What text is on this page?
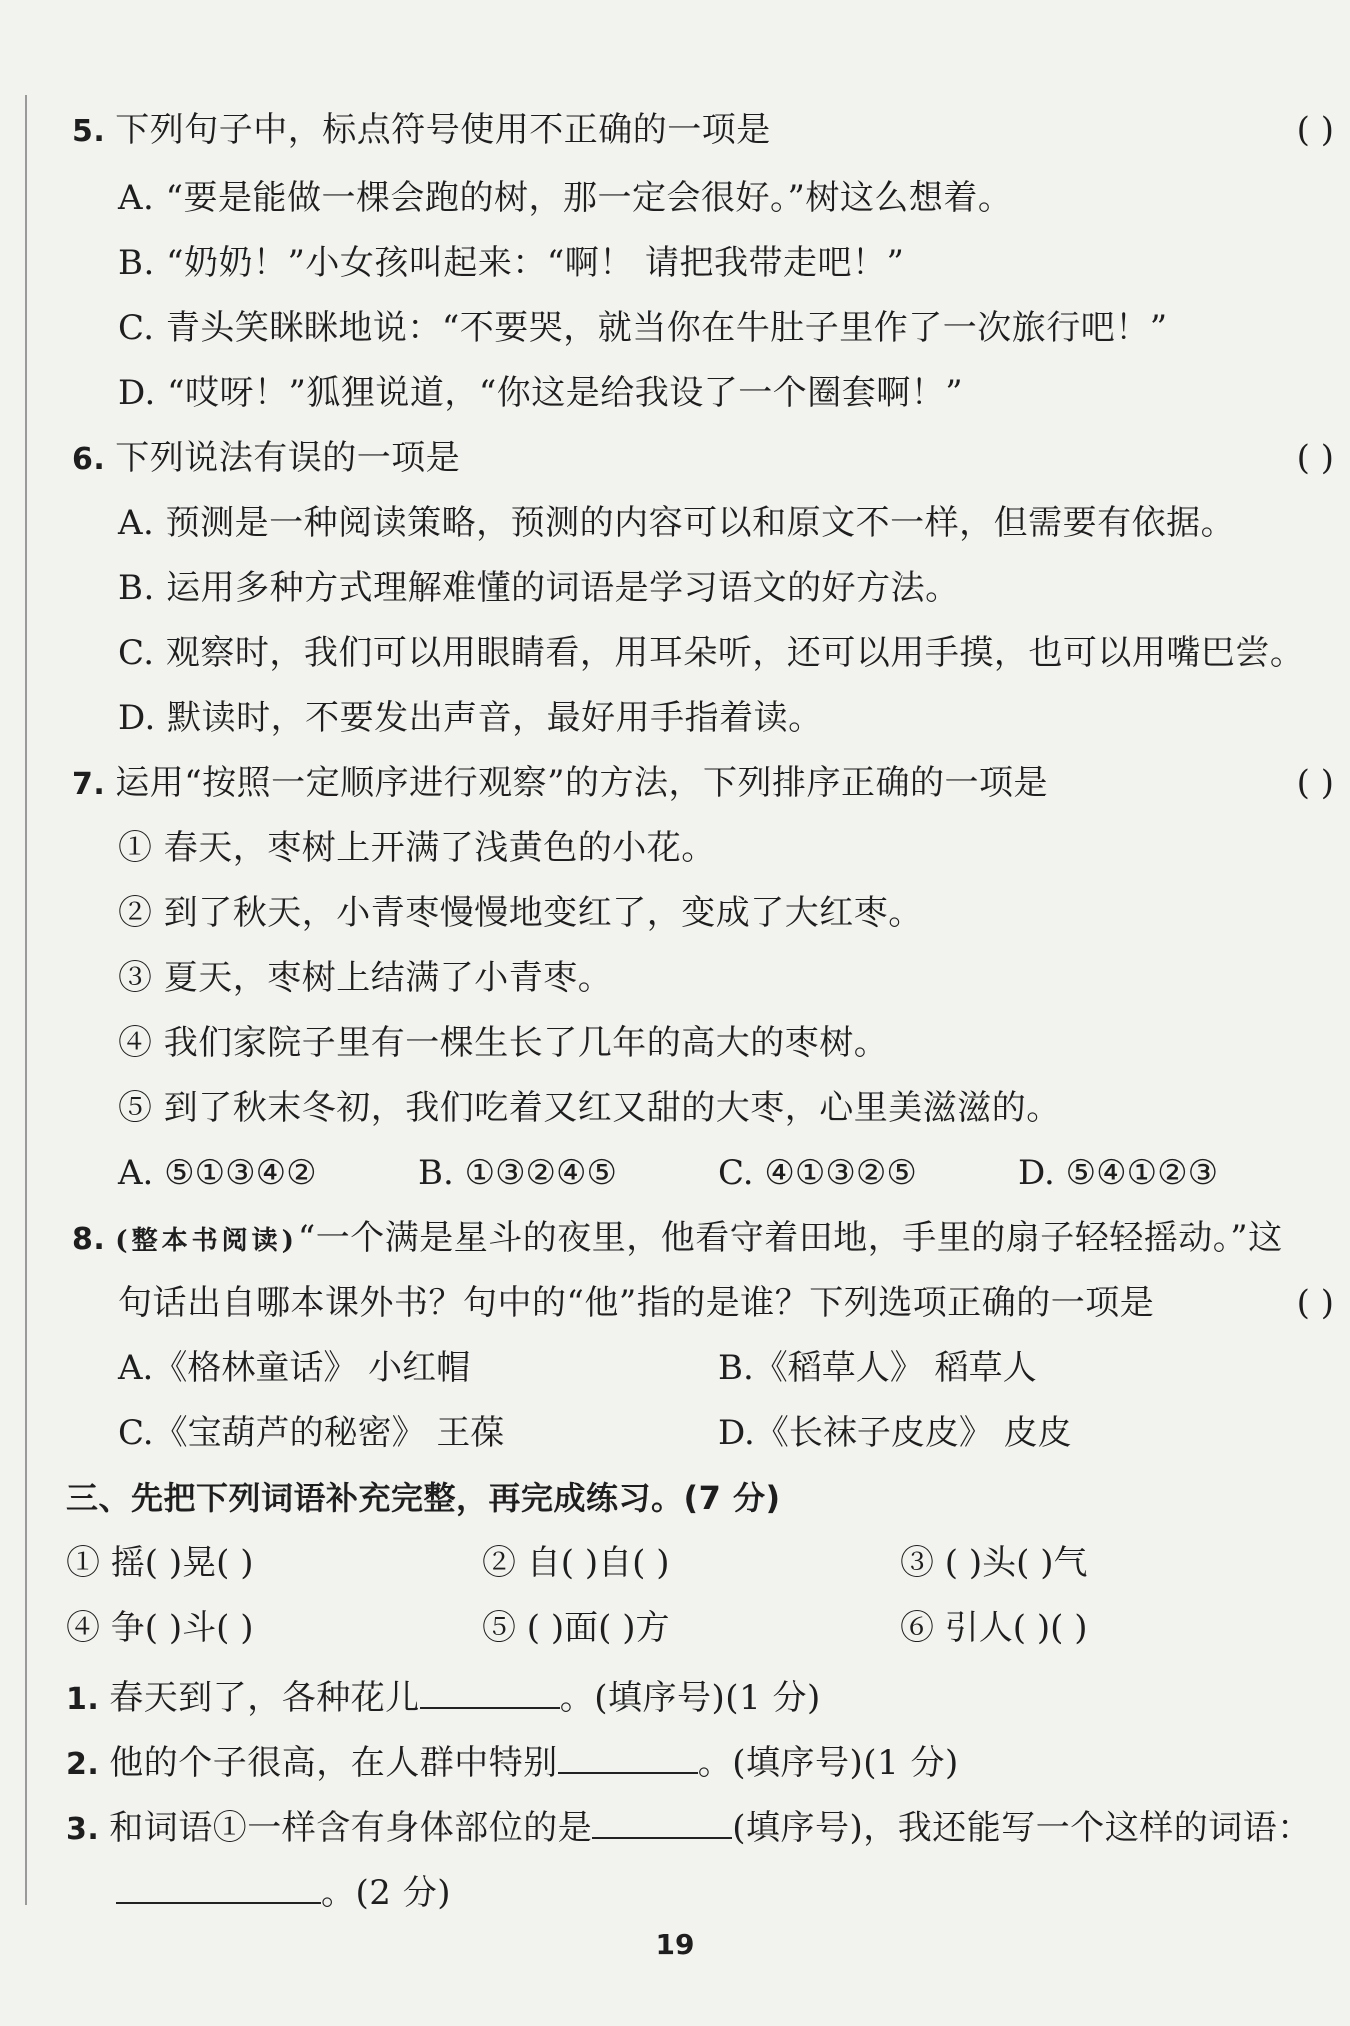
5. 下列句子中，标点符号使用不正确的一项是	( )
A. “要是能做一棵会跑的树，那一定会很好。”树这么想着。
B. “奶奶！”小女孩叫起来：“啊！ 请把我带走吧！”
C. 青头笑眯眯地说：“不要哭，就当你在牛肚子里作了一次旅行吧！”
D. “哎呀！”狐狸说道，“你这是给我设了一个圈套啊！”
6. 下列说法有误的一项是	( )
A. 预测是一种阅读策略，预测的内容可以和原文不一样，但需要有依据。
B. 运用多种方式理解难懂的词语是学习语文的好方法。
C. 观察时，我们可以用眼睛看，用耳朵听，还可以用手摸，也可以用嘴巴尝。
D. 默读时，不要发出声音，最好用手指着读。
7. 运用“按照一定顺序进行观察”的方法，下列排序正确的一项是	( )
① 春天，枣树上开满了浅黄色的小花。
② 到了秋天，小青枣慢慢地变红了，变成了大红枣。
③ 夏天，枣树上结满了小青枣。
④ 我们家院子里有一棵生长了几年的高大的枣树。
⑤ 到了秋末冬初，我们吃着又红又甜的大枣，心里美滋滋的。
A. ⑤①③④②	B. ①③②④⑤	C. ④①③②⑤	D. ⑤④①②③
8. (整本书阅读)“一个满是星斗的夜里，他看守着田地，手里的扇子轻轻摇动。”这
句话出自哪本课外书？句中的“他”指的是谁？下列选项正确的一项是	( )
A.《格林童话》 小红帽	B.《稻草人》 稻草人
C.《宝葫芦的秘密》 王葆	D.《长袜子皮皮》 皮皮
三、先把下列词语补充完整，再完成练习。(7 分)
① 摇( )晃( )	② 自( )自( )	③ ( )头( )气
④ 争( )斗( )	⑤ ( )面( )方	⑥ 引人( )( )
1. 春天到了，各种花儿	。(填序号)(1 分)
2. 他的个子很高，在人群中特别	。(填序号)(1 分)
3. 和词语①一样含有身体部位的是	(填序号)，我还能写一个这样的词语：
。(2 分)
19
